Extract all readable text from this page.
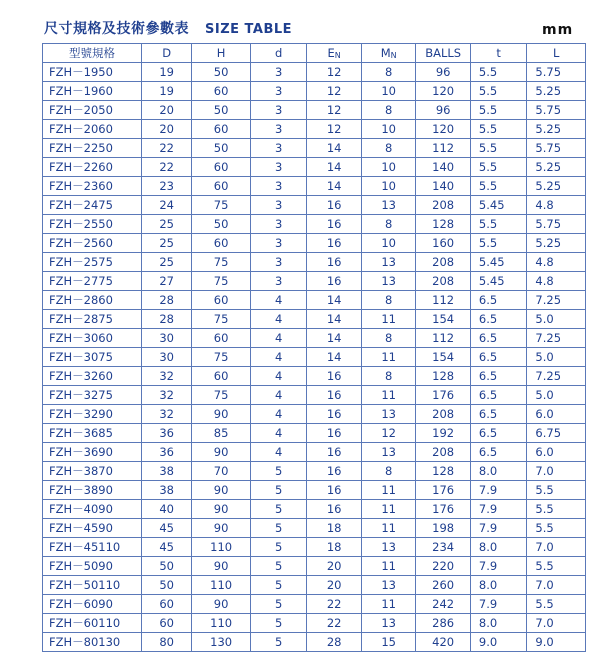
尺寸規格及技術參數表 SIZE TABLE	mm
型號規格	D	H	d	$E_N$	$M_N$	BALLS	t	L
FZH－1950	19	50	3	12	8	96	5.5	5.75
FZH－1960	19	60	3	12	10	120	5.5	5.25
FZH－2050	20	50	3	12	8	96	5.5	5.75
FZH－2060	20	60	3	12	10	120	5.5	5.25
FZH－2250	22	50	3	14	8	112	5.5	5.75
FZH－2260	22	60	3	14	10	140	5.5	5.25
FZH－2360	23	60	3	14	10	140	5.5	5.25
FZH－2475	24	75	3	16	13	208	5.45	4.8
FZH－2550	25	50	3	16	8	128	5.5	5.75
FZH－2560	25	60	3	16	10	160	5.5	5.25
FZH－2575	25	75	3	16	13	208	5.45	4.8
FZH－2775	27	75	3	16	13	208	5.45	4.8
FZH－2860	28	60	4	14	8	112	6.5	7.25
FZH－2875	28	75	4	14	11	154	6.5	5.0
FZH－3060	30	60	4	14	8	112	6.5	7.25
FZH－3075	30	75	4	14	11	154	6.5	5.0
FZH－3260	32	60	4	16	8	128	6.5	7.25
FZH－3275	32	75	4	16	11	176	6.5	5.0
FZH－3290	32	90	4	16	13	208	6.5	6.0
FZH－3685	36	85	4	16	12	192	6.5	6.75
FZH－3690	36	90	4	16	13	208	6.5	6.0
FZH－3870	38	70	5	16	8	128	8.0	7.0
FZH－3890	38	90	5	16	11	176	7.9	5.5
FZH－4090	40	90	5	16	11	176	7.9	5.5
FZH－4590	45	90	5	18	11	198	7.9	5.5
FZH－45110	45	110	5	18	13	234	8.0	7.0
FZH－5090	50	90	5	20	11	220	7.9	5.5
FZH－50110	50	110	5	20	13	260	8.0	7.0
FZH－6090	60	90	5	22	11	242	7.9	5.5
FZH－60110	60	110	5	22	13	286	8.0	7.0
FZH－80130	80	130	5	28	15	420	9.0	9.0
